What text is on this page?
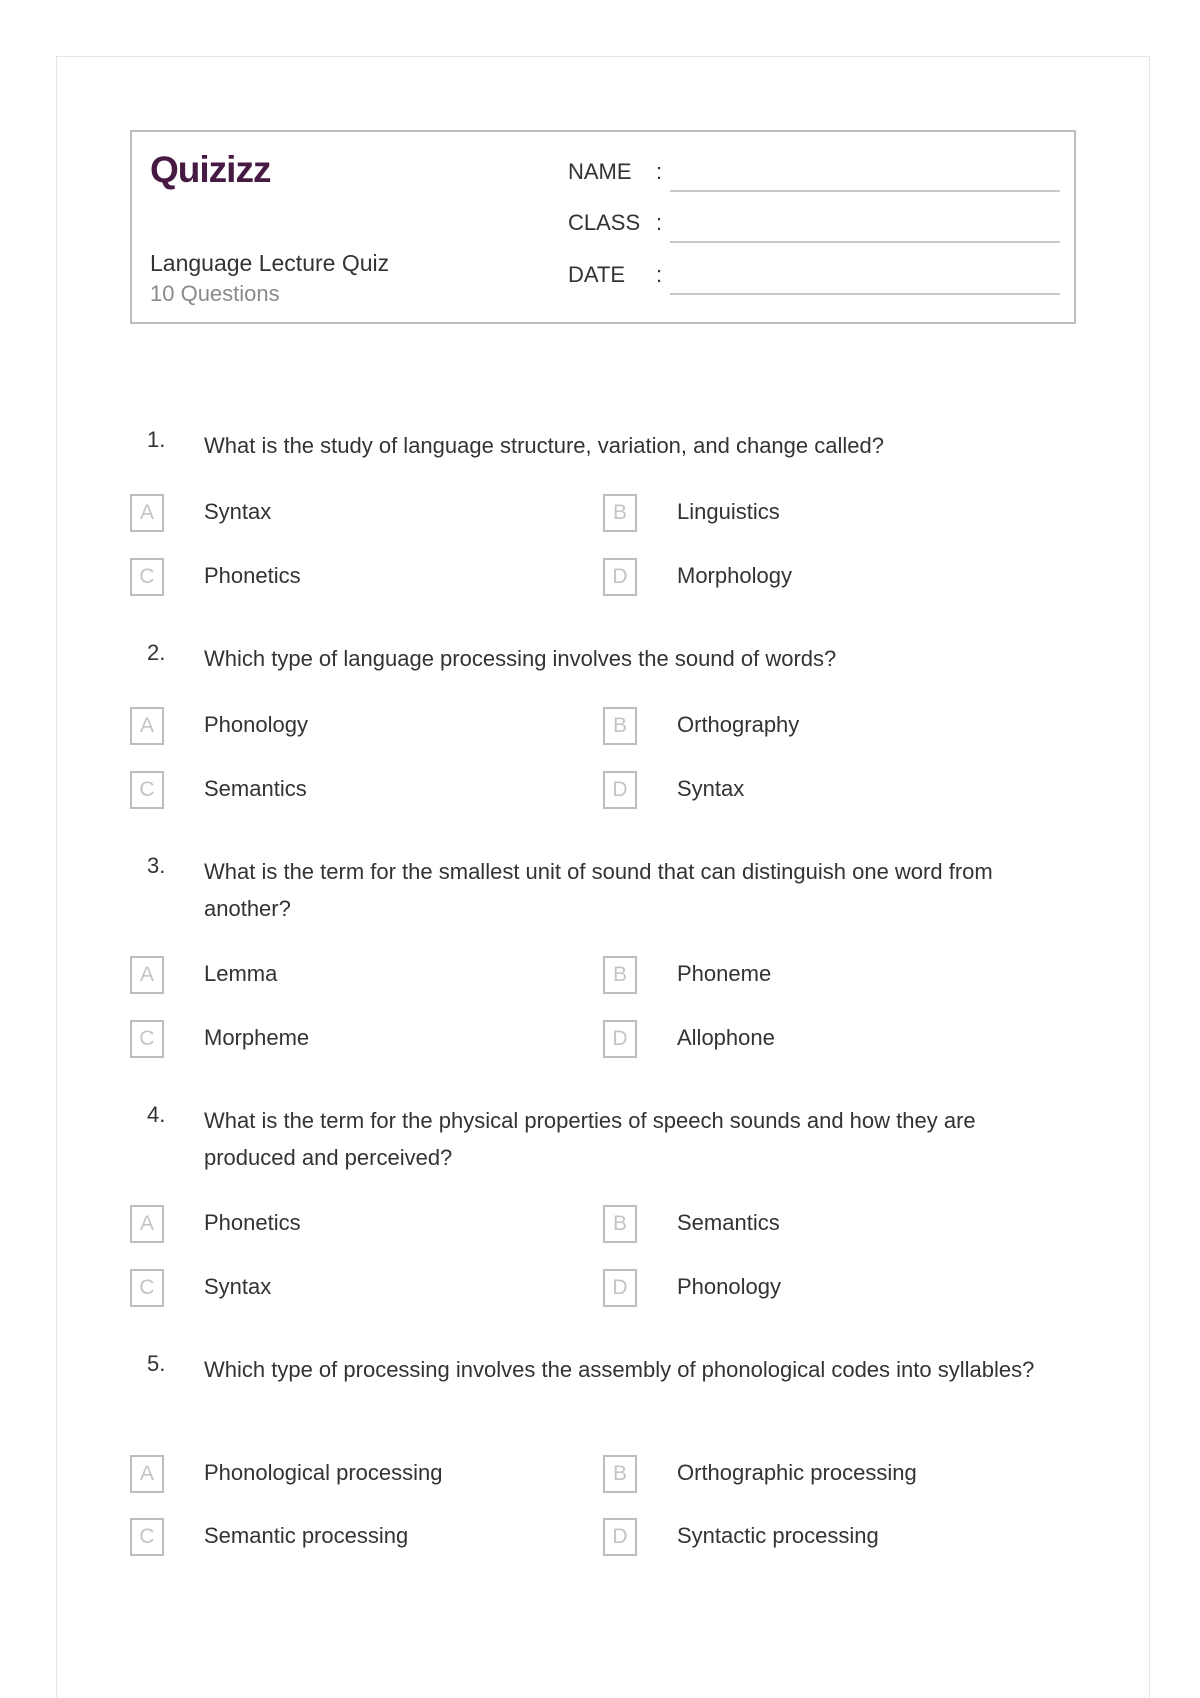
Quizizz
Language Lecture Quiz
10 Questions
NAME :
CLASS :
DATE :
1. What is the study of language structure, variation, and change called?
A	Syntax	B	Linguistics
C	Phonetics	D	Morphology
2. Which type of language processing involves the sound of words?
A	Phonology	B	Orthography
C	Semantics	D	Syntax
3. What is the term for the smallest unit of sound that can distinguish one word from another?
A	Lemma	B	Phoneme
C	Morpheme	D	Allophone
4. What is the term for the physical properties of speech sounds and how they are produced and perceived?
A	Phonetics	B	Semantics
C	Syntax	D	Phonology
5. Which type of processing involves the assembly of phonological codes into syllables?
A	Phonological processing	B	Orthographic processing
C	Semantic processing	D	Syntactic processing
